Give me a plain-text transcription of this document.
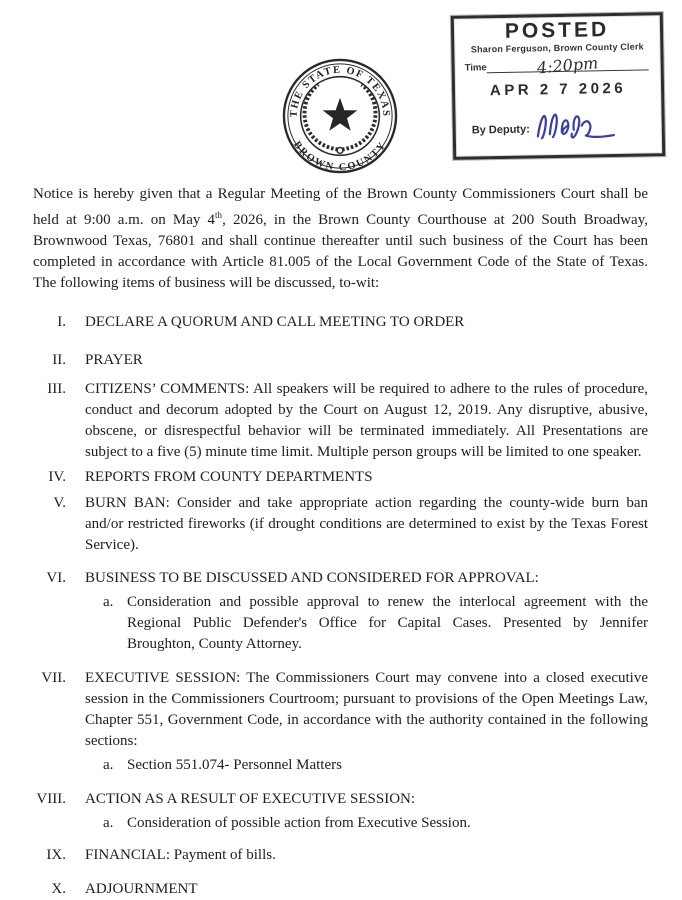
THE STATE OF TEXAS
BROWN COUNTY
POSTED
Sharon Ferguson, Brown County Clerk
Time	4:20pm
APR 2 7 2026
By Deputy:

Notice is hereby given that a Regular Meeting of the Brown County Commissioners Court shall be held at 9:00 a.m. on May 4th, 2026, in the Brown County Courthouse at 200 South Broadway, Brownwood Texas, 76801 and shall continue thereafter until such business of the Court has been completed in accordance with Article 81.005 of the Local Government Code of the State of Texas. The following items of business will be discussed, to-wit:

I. DECLARE A QUORUM AND CALL MEETING TO ORDER
II. PRAYER
III. CITIZENS’ COMMENTS: All speakers will be required to adhere to the rules of procedure, conduct and decorum adopted by the Court on August 12, 2019. Any disruptive, abusive, obscene, or disrespectful behavior will be terminated immediately. All Presentations are subject to a five (5) minute time limit. Multiple person groups will be limited to one speaker.
IV. REPORTS FROM COUNTY DEPARTMENTS
V. BURN BAN: Consider and take appropriate action regarding the county-wide burn ban and/or restricted fireworks (if drought conditions are determined to exist by the Texas Forest Service).
VI. BUSINESS TO BE DISCUSSED AND CONSIDERED FOR APPROVAL:
a. Consideration and possible approval to renew the interlocal agreement with the Regional Public Defender's Office for Capital Cases. Presented by Jennifer Broughton, County Attorney.
VII. EXECUTIVE SESSION: The Commissioners Court may convene into a closed executive session in the Commissioners Courtroom; pursuant to provisions of the Open Meetings Law, Chapter 551, Government Code, in accordance with the authority contained in the following sections:
a. Section 551.074- Personnel Matters
VIII. ACTION AS A RESULT OF EXECUTIVE SESSION:
a. Consideration of possible action from Executive Session.
IX. FINANCIAL: Payment of bills.
X. ADJOURNMENT
